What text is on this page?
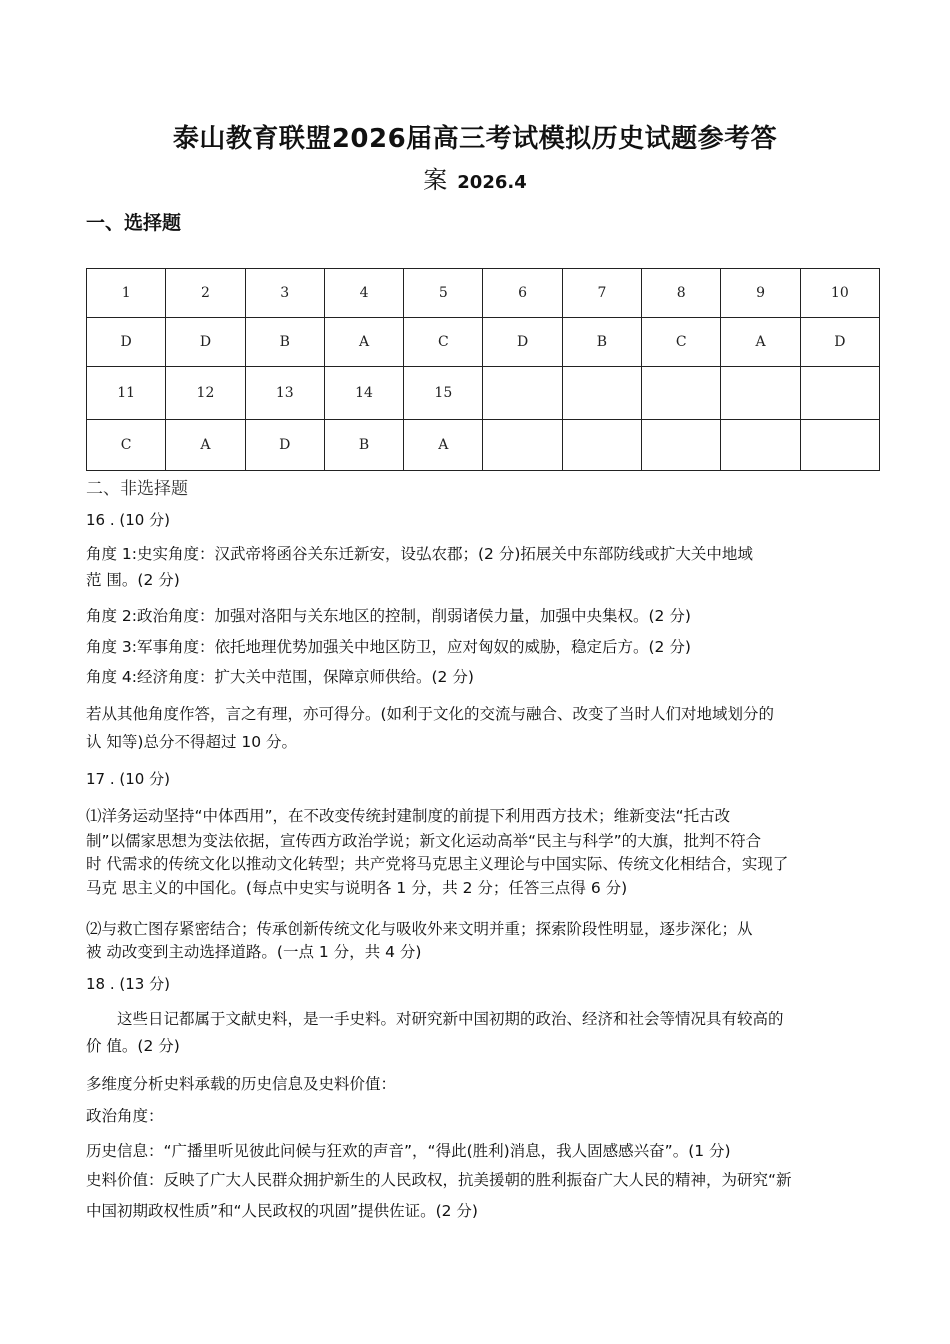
泰山教育联盟2026届高三考试模拟历史试题参考答
案 2026.4
一、选择题
1	2	3	4	5	6	7	8	9	10
D	D	B	A	C	D	B	C	A	D
11	12	13	14	15					
C	A	D	B	A					
二、非选择题
16 . (10 分)
角度 1:史实角度：汉武帝将函谷关东迁新安，设弘农郡；(2 分)拓展关中东部防线或扩大关中地域
范 围。(2 分)
角度 2:政治角度：加强对洛阳与关东地区的控制，削弱诸侯力量，加强中央集权。(2 分)
角度 3:军事角度：依托地理优势加强关中地区防卫，应对匈奴的威胁，稳定后方。(2 分)
角度 4:经济角度：扩大关中范围，保障京师供给。(2 分)
若从其他角度作答，言之有理，亦可得分。(如利于文化的交流与融合、改变了当时人们对地域划分的
认 知等)总分不得超过 10 分。
17 . (10 分)
⑴洋务运动坚持“中体西用”，在不改变传统封建制度的前提下利用西方技术；维新变法“托古改
制”以儒家思想为变法依据，宣传西方政治学说；新文化运动高举“民主与科学”的大旗，批判不符合
时 代需求的传统文化以推动文化转型；共产党将马克思主义理论与中国实际、传统文化相结合，实现了
马克 思主义的中国化。(每点中史实与说明各 1 分，共 2 分；任答三点得 6 分)
⑵与救亡图存紧密结合；传承创新传统文化与吸收外来文明并重；探索阶段性明显，逐步深化；从
被 动改变到主动选择道路。(一点 1 分，共 4 分)
18 . (13 分)
这些日记都属于文献史料，是一手史料。对研究新中国初期的政治、经济和社会等情况具有较高的
价 值。(2 分)
多维度分析史料承载的历史信息及史料价值：
政治角度：
历史信息：“广播里听见彼此问候与狂欢的声音”，“得此(胜利)消息，我人固感感兴奋”。(1 分)
史料价值：反映了广大人民群众拥护新生的人民政权，抗美援朝的胜利振奋广大人民的精神，为研究“新
中国初期政权性质”和“人民政权的巩固”提供佐证。(2 分)
